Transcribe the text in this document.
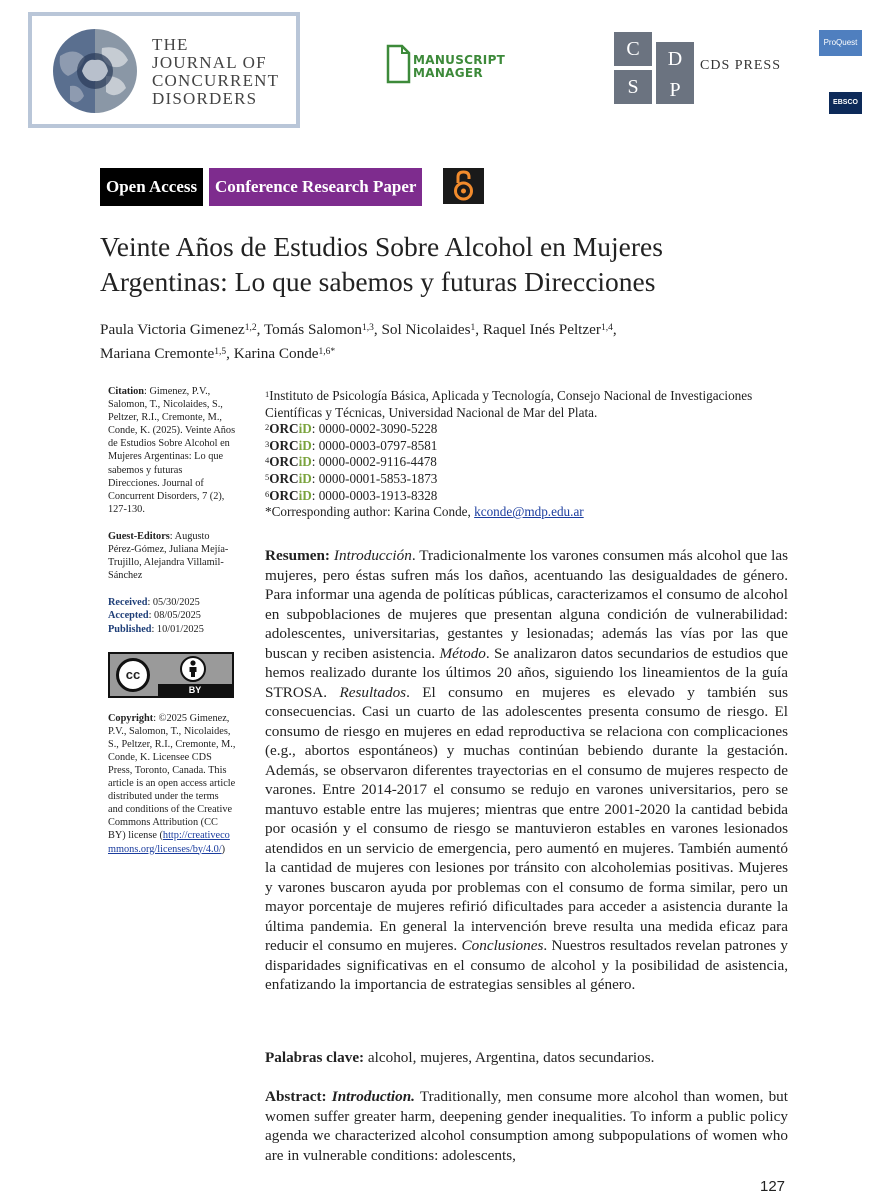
THE
JOURNAL OF
CONCURRENT
DISORDERS
MANUSCRIPT
MANAGER
C	D
S	P
CDS PRESS
ProQuest
EBSCO
Open Access	Conference Research Paper
Veinte Años de Estudios Sobre Alcohol en Mujeres
Argentinas: Lo que sabemos y futuras Direcciones
Paula Victoria Gimenez$^{1,2}$, Tomás Salomon$^{1,3}$, Sol Nicolaides$^1$, Raquel Inés Peltzer$^{1,4}$,
Mariana Cremonte$^{1,5}$, Karina Conde$^{1,6*}$
Citation: Gimenez, P.V., Salomon, T., Nicolaides, S., Peltzer, R.I., Cremonte, M., Conde, K. (2025). Veinte Años de Estudios Sobre Alcohol en Mujeres Argentinas: Lo que sabemos y futuras Direcciones. Journal of Concurrent Disorders, 7 (2), 127-130.
Guest-Editors: Augusto Pérez-Gómez, Juliana Mejía-Trujillo, Alejandra Villamil-Sánchez
Received: 05/30/2025
Accepted: 08/05/2025
Published: 10/01/2025
cc
BY
Copyright: ©2025 Gimenez, P.V., Salomon, T., Nicolaides, S., Peltzer, R.I., Cremonte, M., Conde, K. Licensee CDS Press, Toronto, Canada. This article is an open access article distributed under the terms and conditions of the Creative Commons Attribution (CC BY) license (http://creativecommons.org/licenses/by/4.0/)
$^1$Instituto de Psicología Básica, Aplicada y Tecnología, Consejo Nacional de Investigaciones Científicas y Técnicas, Universidad Nacional de Mar del Plata.
$^2$ORCiD: 0000-0002-3090-5228
$^3$ORCiD: 0000-0003-0797-8581
$^4$ORCiD: 0000-0002-9116-4478
$^5$ORCiD: 0000-0001-5853-1873
$^6$ORCiD: 0000-0003-1913-8328
*Corresponding author: Karina Conde, kconde@mdp.edu.ar
Resumen: Introducción. Tradicionalmente los varones consumen más alcohol que las mujeres, pero éstas sufren más los daños, acentuando las desigualdades de género. Para informar una agenda de políticas públicas, caracterizamos el consumo de alcohol en subpoblaciones de mujeres que presentan alguna condición de vulnerabilidad: adolescentes, universitarias, gestantes y lesionadas; además las vías por las que buscan y reciben asistencia. Método. Se analizaron datos secundarios de estudios que hemos realizado durante los últimos 20 años, siguiendo los lineamientos de la guía STROSA. Resultados. El consumo en mujeres es elevado y también sus consecuencias. Casi un cuarto de las adolescentes presenta consumo de riesgo. El consumo de riesgo en mujeres en edad reproductiva se relaciona con complicaciones (e.g., abortos espontáneos) y muchas continúan bebiendo durante la gestación. Además, se observaron diferentes trayectorias en el consumo de mujeres respecto de varones. Entre 2014-2017 el consumo se redujo en varones universitarios, pero se mantuvo estable entre las mujeres; mientras que entre 2001-2020 la cantidad bebida por ocasión y el consumo de riesgo se mantuvieron estables en varones lesionados atendidos en un servicio de emergencia, pero aumentó en mujeres. También aumentó la cantidad de mujeres con lesiones por tránsito con alcoholemias positivas. Mujeres y varones buscaron ayuda por problemas con el consumo de forma similar, pero un mayor porcentaje de mujeres refirió dificultades para acceder a asistencia durante la última pandemia. En general la intervención breve resulta una medida eficaz para reducir el consumo en mujeres. Conclusiones. Nuestros resultados revelan patrones y disparidades significativas en el consumo de alcohol y la posibilidad de asistencia, enfatizando la importancia de estrategias sensibles al género.
Palabras clave: alcohol, mujeres, Argentina, datos secundarios.
Abstract: Introduction. Traditionally, men consume more alcohol than women, but women suffer greater harm, deepening gender inequalities. To inform a public policy agenda we characterized alcohol consumption among subpopulations of women who are in vulnerable conditions: adolescents,
127
